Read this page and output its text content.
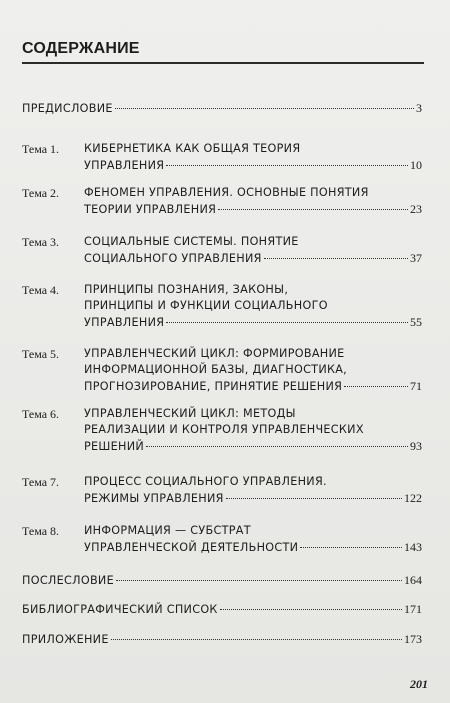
СОДЕРЖАНИЕ
ПРЕДИСЛОВИЕ	3
Тема 1. КИБЕРНЕТИКА КАК ОБЩАЯ ТЕОРИЯ
УПРАВЛЕНИЯ	10
Тема 2. ФЕНОМЕН УПРАВЛЕНИЯ. ОСНОВНЫЕ ПОНЯТИЯ
ТЕОРИИ УПРАВЛЕНИЯ	23
Тема 3. СОЦИАЛЬНЫЕ СИСТЕМЫ. ПОНЯТИЕ
СОЦИАЛЬНОГО УПРАВЛЕНИЯ	37
Тема 4. ПРИНЦИПЫ ПОЗНАНИЯ, ЗАКОНЫ,
ПРИНЦИПЫ И ФУНКЦИИ СОЦИАЛЬНОГО
УПРАВЛЕНИЯ	55
Тема 5. УПРАВЛЕНЧЕСКИЙ ЦИКЛ: ФОРМИРОВАНИЕ
ИНФОРМАЦИОННОЙ БАЗЫ, ДИАГНОСТИКА,
ПРОГНОЗИРОВАНИЕ, ПРИНЯТИЕ РЕШЕНИЯ	71
Тема 6. УПРАВЛЕНЧЕСКИЙ ЦИКЛ: МЕТОДЫ
РЕАЛИЗАЦИИ И КОНТРОЛЯ УПРАВЛЕНЧЕСКИХ
РЕШЕНИЙ	93
Тема 7. ПРОЦЕСС СОЦИАЛЬНОГО УПРАВЛЕНИЯ.
РЕЖИМЫ УПРАВЛЕНИЯ	122
Тема 8. ИНФОРМАЦИЯ — СУБСТРАТ
УПРАВЛЕНЧЕСКОЙ ДЕЯТЕЛЬНОСТИ	143
ПОСЛЕСЛОВИЕ	164
БИБЛИОГРАФИЧЕСКИЙ СПИСОК	171
ПРИЛОЖЕНИЕ	173
201
